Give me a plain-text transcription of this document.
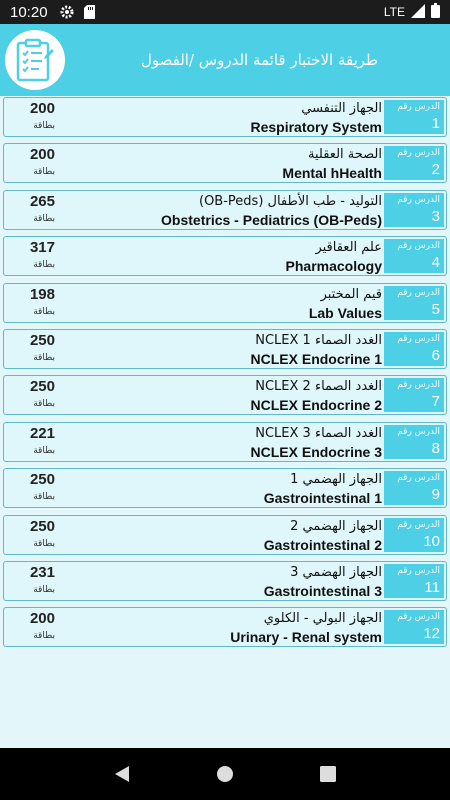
10:20	LTE
طريقة الاختبار قائمة الدروس /الفصول
200
بطاقة
الجهاز التنفسي
Respiratory System
الدرس رقم
1
200
بطاقة
الصحة العقلية
Mental hHealth
الدرس رقم
2
265
بطاقة
التوليد - طب الأطفال (OB-Peds)
Obstetrics - Pediatrics (OB-Peds)
الدرس رقم
3
317
بطاقة
علم العقاقير
Pharmacology
الدرس رقم
4
198
بطاقة
قيم المختبر
Lab Values
الدرس رقم
5
250
بطاقة
الغدد الصماء NCLEX 1
NCLEX Endocrine 1
الدرس رقم
6
250
بطاقة
الغدد الصماء NCLEX 2
NCLEX Endocrine 2
الدرس رقم
7
221
بطاقة
الغدد الصماء NCLEX 3
NCLEX Endocrine 3
الدرس رقم
8
250
بطاقة
الجهاز الهضمي 1
Gastrointestinal 1
الدرس رقم
9
250
بطاقة
الجهاز الهضمي 2
Gastrointestinal 2
الدرس رقم
10
231
بطاقة
الجهاز الهضمي 3
Gastrointestinal 3
الدرس رقم
11
200
بطاقة
الجهاز البولي - الكلوي
Urinary - Renal system
الدرس رقم
12
